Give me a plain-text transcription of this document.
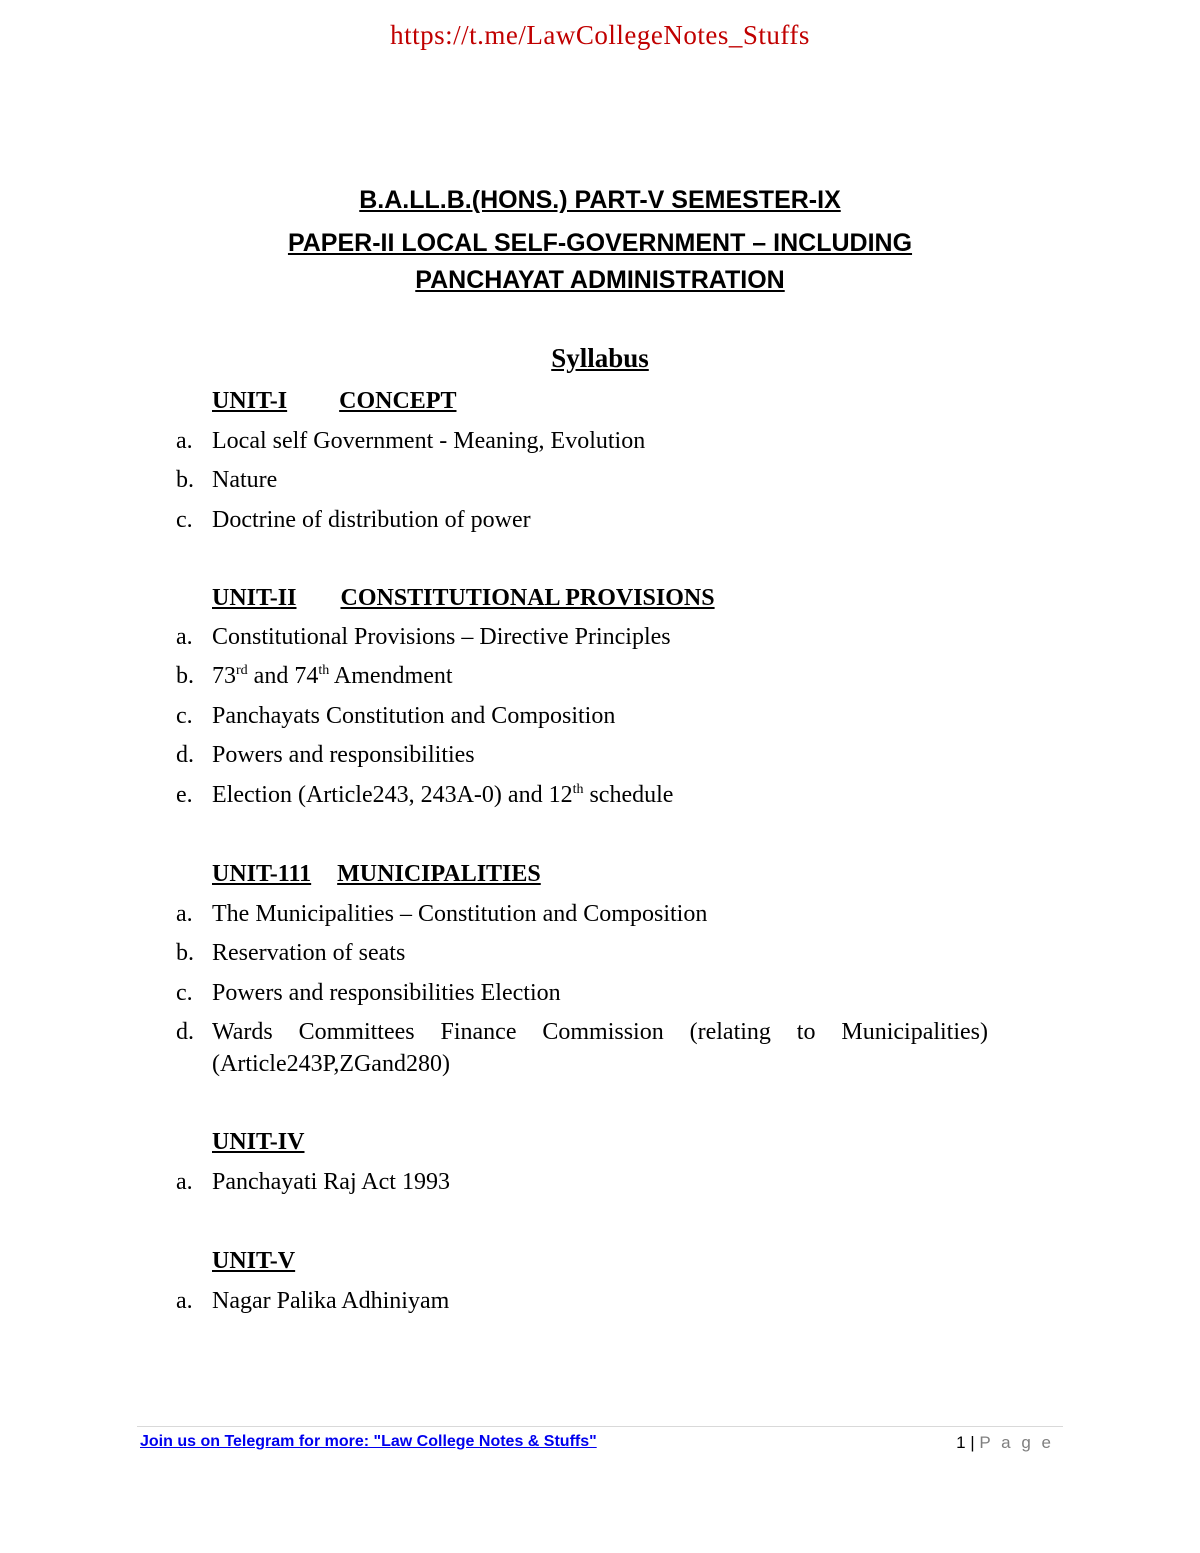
https://t.me/LawCollegeNotes_Stuffs
B.A.LL.B.(HONS.) PART-V SEMESTER-IX
PAPER-II LOCAL SELF-GOVERNMENT – INCLUDING
PANCHAYAT ADMINISTRATION
Syllabus
UNIT-I CONCEPT
a. Local self Government - Meaning, Evolution
b. Nature
c. Doctrine of distribution of power
UNIT-II CONSTITUTIONAL PROVISIONS
a. Constitutional Provisions – Directive Principles
b. 73rd and 74th Amendment
c. Panchayats Constitution and Composition
d. Powers and responsibilities
e. Election (Article243, 243A-0) and 12th schedule
UNIT-111 MUNICIPALITIES
a. The Municipalities – Constitution and Composition
b. Reservation of seats
c. Powers and responsibilities Election
d. Wards Committees Finance Commission (relating to Municipalities) (Article243P,ZGand280)
UNIT-IV
a. Panchayati Raj Act 1993
UNIT-V
a. Nagar Palika Adhiniyam
Join us on Telegram for more: "Law College Notes & Stuffs"	1 | P a g e
